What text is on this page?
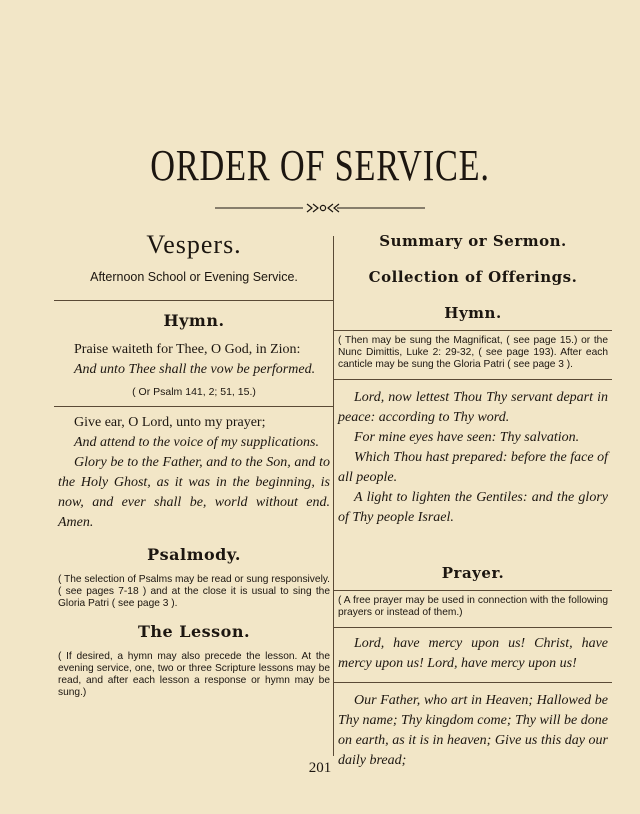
ORDER OF SERVICE.
Vespers.
Afternoon School or Evening Service.
Hymn.

Praise waiteth for Thee, O God, in Zion:

And unto Thee shall the vow be performed.

( Or Psalm 141, 2; 51, 15.)

Give ear, O Lord, unto my prayer;

And attend to the voice of my supplications.

Glory be to the Father, and to the Son, and to the Holy Ghost, as it was in the beginning, is now, and ever shall be, world without end. Amen.

Psalmody.

( The selection of Psalms may be read or sung responsively. ( see pages 7-18 ) and at the close it is usual to sing the Gloria Patri ( see page 3 ).

The Lesson.

( If desired, a hymn may also precede the lesson. At the evening service, one, two or three Scripture lessons may be read, and after each lesson a response or hymn may be sung.)

Summary or Sermon.
Collection of Offerings.
Hymn.

( Then may be sung the Magnificat, ( see page 15.) or the Nunc Dimittis, Luke 2: 29-32, ( see page 193). After each canticle may be sung the Gloria Patri ( see page 3 ).

Lord, now lettest Thou Thy servant depart in peace: according to Thy word.

For mine eyes have seen: Thy salvation.

Which Thou hast prepared: before the face of all people.

A light to lighten the Gentiles: and the glory of Thy people Israel.

Prayer.

( A free prayer may be used in connection with the following prayers or instead of them.)

Lord, have mercy upon us! Christ, have mercy upon us! Lord, have mercy upon us!

Our Father, who art in Heaven; Hallowed be Thy name; Thy kingdom come; Thy will be done on earth, as it is in heaven; Give us this day our daily bread;

201
